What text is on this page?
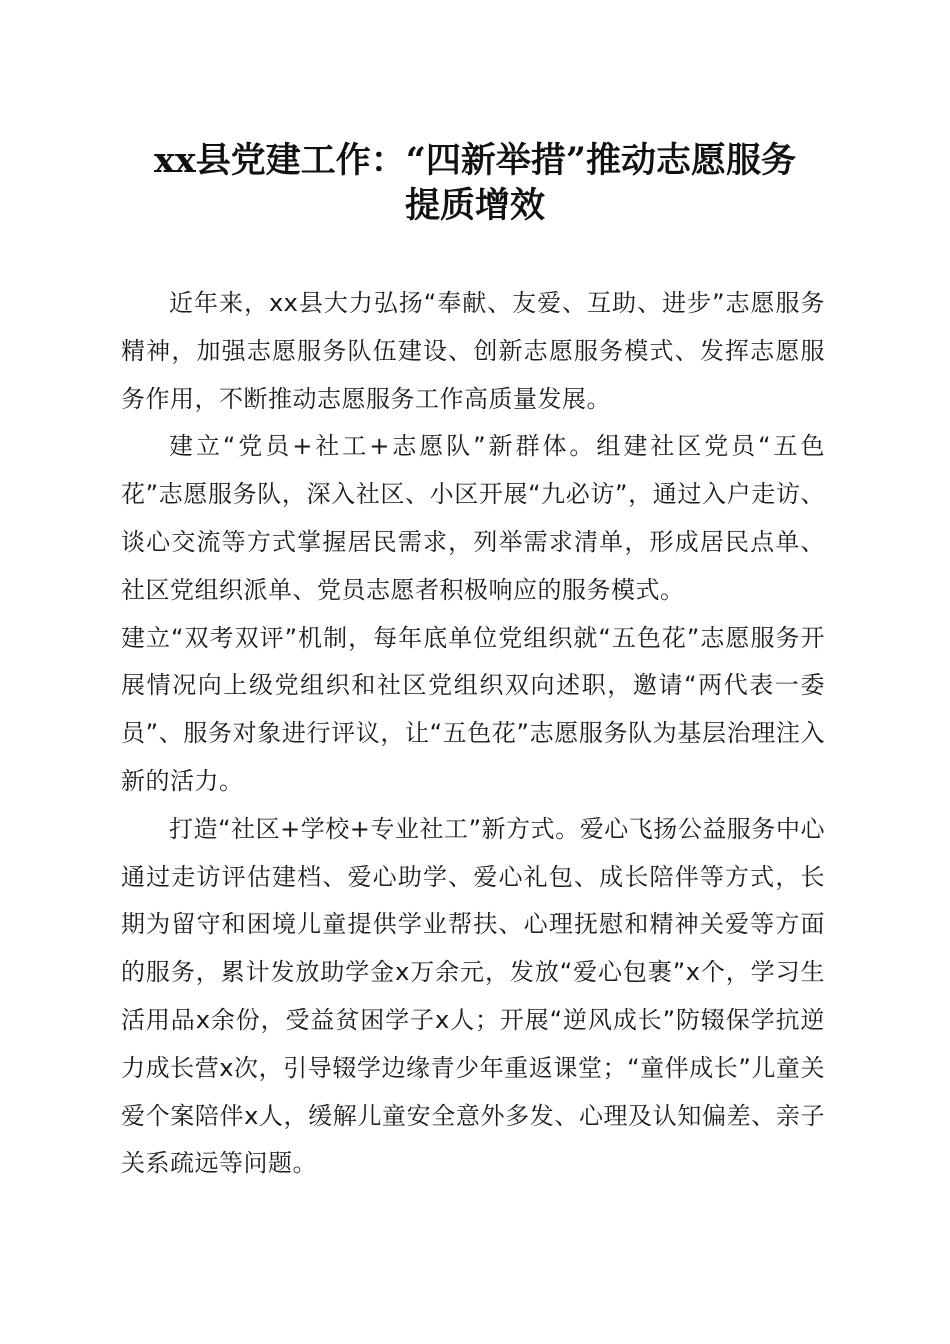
xx县党建工作：“四新举措”推动志愿服务
提质增效

近年来，xx县大力弘扬“奉献、友爱、互助、进步”志愿服务精神，加强志愿服务队伍建设、创新志愿服务模式、发挥志愿服务作用，不断推动志愿服务工作高质量发展。

建立“党员+社工+志愿队”新群体。组建社区党员“五色花”志愿服务队，深入社区、小区开展“九必访”，通过入户走访、谈心交流等方式掌握居民需求，列举需求清单，形成居民点单、社区党组织派单、党员志愿者积极响应的服务模式。

建立“双考双评”机制，每年底单位党组织就“五色花”志愿服务开展情况向上级党组织和社区党组织双向述职，邀请“两代表一委员”、服务对象进行评议，让“五色花”志愿服务队为基层治理注入新的活力。

打造“社区+学校+专业社工”新方式。爱心飞扬公益服务中心通过走访评估建档、爱心助学、爱心礼包、成长陪伴等方式，长期为留守和困境儿童提供学业帮扶、心理抚慰和精神关爱等方面的服务，累计发放助学金x万余元，发放“爱心包裹”x个，学习生活用品x余份，受益贫困学子x人；开展“逆风成长”防辍保学抗逆力成长营x次，引导辍学边缘青少年重返课堂；“童伴成长”儿童关爱个案陪伴x人，缓解儿童安全意外多发、心理及认知偏差、亲子关系疏远等问题。
